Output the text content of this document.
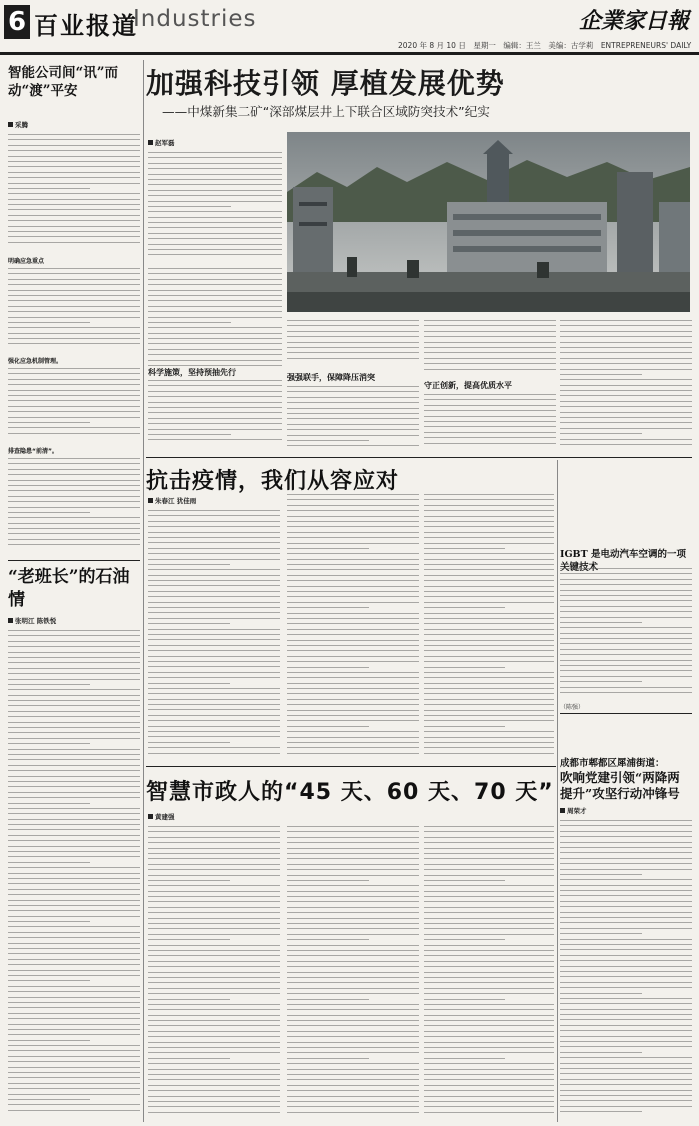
6 百业报道
Industries	企業家日報
2020 年 8 月 10 日　星期一　编辑：王兰　美编：古学莉　ENTREPRENEURS' DAILY
智能公司间“讯”而动“渡”平安
采腾
明确应急重点
强化应急机制管理。
排查隐患“前清”。
“老班长”的石油情
张明江 陈铁悦
加强科技引领 厚植发展优势
——中煤新集二矿“深部煤层井上下联合区域防突技术”纪实
赵军磊
科学施策，坚持预抽先行
强强联手，保障降压消突
守正创新，提高优质水平
抗击疫情，我们从容应对
朱春江 犹佳雨
IGBT 是电动汽车空调的一项
（陈强）
成都市郫都区犀浦街道：
吹响党建引领“两降两提升”攻坚行动冲锋号
周荣才
智慧市政人的“45 天、60 天、70 天”
黄建强
